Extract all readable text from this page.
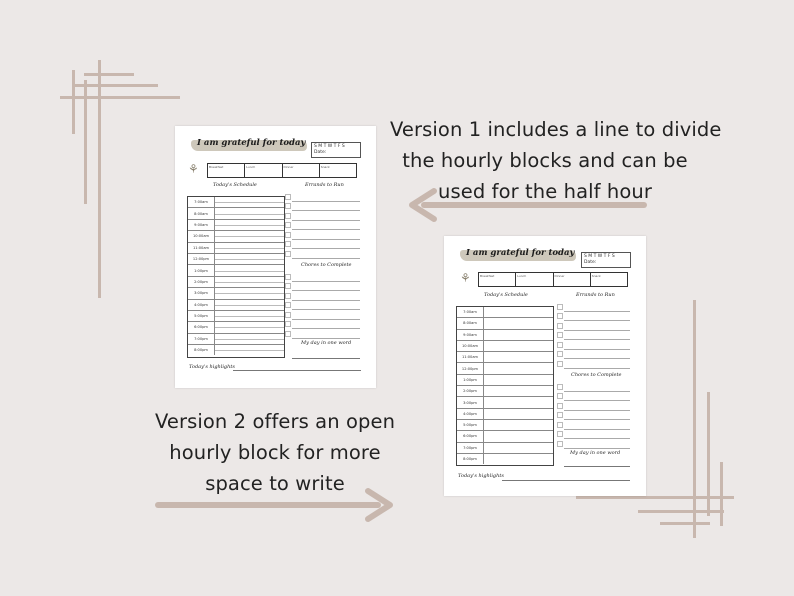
Version 1 includes a line to divide
the hourly blocks and can be
used for the half hour
Version 2 offers an open
hourly block for more
space to write
I am grateful for today S M T W T F S
Date:
⚘	Breakfast	Lunch	Dinner	Snack
Today's Schedule	Errands to Run
7:00am
8:00am
9:00am
10:00am
11:00am
12:00pm
1:00pm
2:00pm
3:00pm
4:00pm
5:00pm
6:00pm
7:00pm
8:00pm
Chores to Complete
My day in one word
Today's highlights
I am grateful for today S M T W T F S
Date:
⚘	Breakfast	Lunch	Dinner	Snack
Today's Schedule	Errands to Run
7:00am
8:00am
9:00am
10:00am
11:00am
12:00pm
1:00pm
2:00pm
3:00pm
4:00pm
5:00pm
6:00pm
7:00pm
8:00pm
Chores to Complete
My day in one word
Today's highlights
